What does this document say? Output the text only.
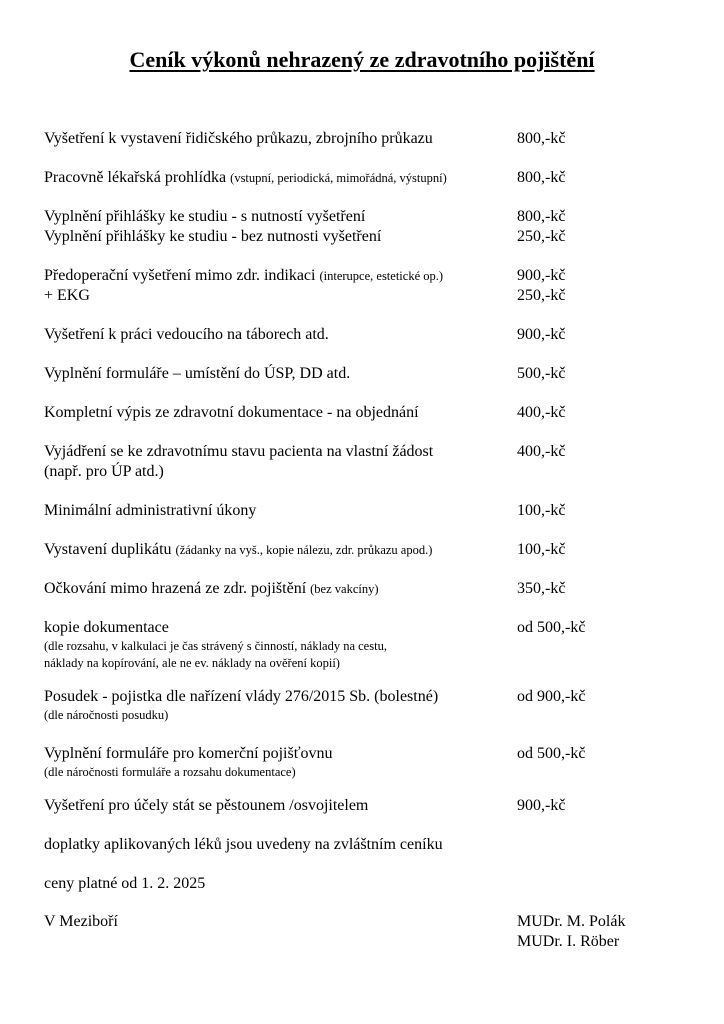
Ceník výkonů nehrazený ze zdravotního pojištění
Vyšetření k vystavení řidičského průkazu, zbrojního průkazu	800,-kč
Pracovně lékařská prohlídka (vstupní, periodická, mimořádná, výstupní)	800,-kč
Vyplnění přihlášky ke studiu - s nutností vyšetření	800,-kč
Vyplnění přihlášky ke studiu - bez nutnosti vyšetření	250,-kč
Předoperační vyšetření mimo zdr. indikaci (interupce, estetické op.)	900,-kč
+ EKG	250,-kč
Vyšetření k práci vedoucího na táborech atd.	900,-kč
Vyplnění formuláře – umístění do ÚSP, DD atd.	500,-kč
Kompletní výpis ze zdravotní dokumentace - na objednání	400,-kč
Vyjádření se ke zdravotnímu stavu pacienta na vlastní žádost	400,-kč
(např. pro ÚP atd.)
Minimální administrativní úkony	100,-kč
Vystavení duplikátu (žádanky na vyš., kopie nálezu, zdr. průkazu apod.)	100,-kč
Očkování mimo hrazená ze zdr. pojištění (bez vakcíny)	350,-kč
kopie dokumentace	od 500,-kč
(dle rozsahu, v kalkulaci je čas strávený s činností, náklady na cestu,
náklady na kopírování, ale ne ev. náklady na ověření kopií)
Posudek - pojistka dle nařízení vlády 276/2015 Sb. (bolestné)	od 900,-kč
(dle náročnosti posudku)
Vyplnění formuláře pro komerční pojišťovnu	od 500,-kč
(dle náročnosti formuláře a rozsahu dokumentace)
Vyšetření pro účely stát se pěstounem /osvojitelem	900,-kč
doplatky aplikovaných léků jsou uvedeny na zvláštním ceníku
ceny platné od 1. 2. 2025
V Meziboří	MUDr. M. Polák
MUDr. I. Röber
